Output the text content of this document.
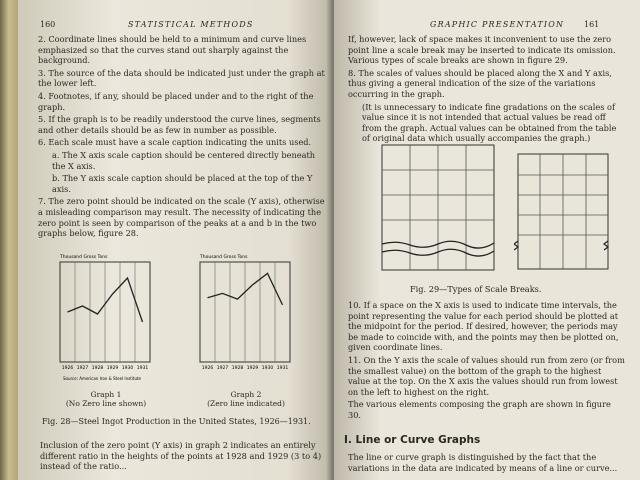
160	STATISTICAL METHODS

2. Coordinate lines should be held to a minimum and curve lines emphasized so that the curves stand out sharply against the background.

3. The source of the data should be indicated just under the graph at the lower left.

4. Footnotes, if any, should be placed under and to the right of the graph.

5. If the graph is to be readily understood the curve lines, segments and other details should be as few in number as possible.

6. Each scale must have a scale caption indicating the units used.

a. The X axis scale caption should be centered directly beneath the X axis.

b. The Y axis scale caption should be placed at the top of the Y axis.

7. The zero point should be indicated on the scale (Y axis), otherwise a misleading comparison may result. The necessity of indicating the zero point is seen by comparison of the peaks at a and b in the two graphs below, figure 28.

Thousand Gross Tons
1926 1927 1928 1929 1930 1931
Source: American Iron & Steel Institute
Graph 1
(No Zero line shown)
Thousand Gross Tons
1926 1927 1928 1929 1930 1931
Graph 2
(Zero line indicated)
Fig. 28—Steel Ingot Production in the United States, 1926—1931.
Inclusion of the zero point (Y axis) in graph 2 indicates an entirely different ratio in the heights of the points at 1928 and 1929 (3 to 4) instead of the ratio...
GRAPHIC PRESENTATION 161

If, however, lack of space makes it inconvenient to use the zero point line a scale break may be inserted to indicate its omission. Various types of scale breaks are shown in figure 29.

8. The scales of values should be placed along the X and Y axis, thus giving a general indication of the size of the variations occurring in the graph.

(It is unnecessary to indicate fine gradations on the scales of value since it is not intended that actual values be read off from the graph. Actual values can be obtained from the table of original data which usually accompanies the graph.)

Fig. 29—Types of Scale Breaks.

10. If a space on the X axis is used to indicate time intervals, the point representing the value for each period should be plotted at the midpoint for the period. If desired, however, the periods may be made to coincide with, and the points may then be plotted on, given coordinate lines.

11. On the Y axis the scale of values should run from zero (or from the smallest value) on the bottom of the graph to the highest value at the top. On the X axis the values should run from lowest on the left to highest on the right.

The various elements composing the graph are shown in figure 30.

I. Line or Curve Graphs
The line or curve graph is distinguished by the fact that the variations in the data are indicated by means of a line or curve...
